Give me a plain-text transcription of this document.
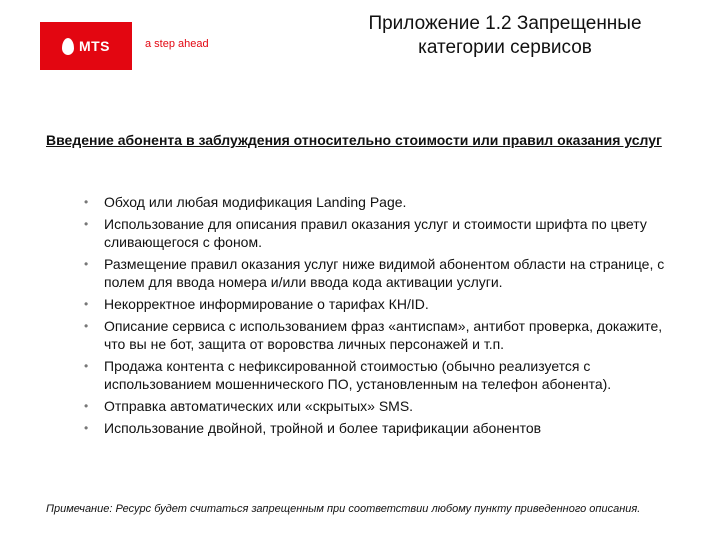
MTS	a step ahead
Приложение 1.2 Запрещенные категории сервисов
Введение абонента в заблуждения относительно стоимости или правил оказания услуг
• Обход или любая модификация Landing Page.
• Использование для описания правил оказания услуг и стоимости шрифта по цвету сливающегося с фоном.
• Размещение правил оказания услуг ниже видимой абонентом области на странице, с полем для ввода номера и/или ввода кода активации услуги.
• Некорректное информирование о тарифах КН/ID.
• Описание сервиса с использованием фраз «антиспам», антибот проверка, докажите, что вы не бот, защита от воровства личных персонажей и т.п.
• Продажа контента с нефиксированной стоимостью (обычно реализуется с использованием мошеннического ПО, установленным на телефон абонента).
• Отправка автоматических или «скрытых» SMS.
• Использование двойной, тройной и более тарификации абонентов
Примечание: Ресурс будет считаться запрещенным при соответствии любому пункту приведенного описания.
